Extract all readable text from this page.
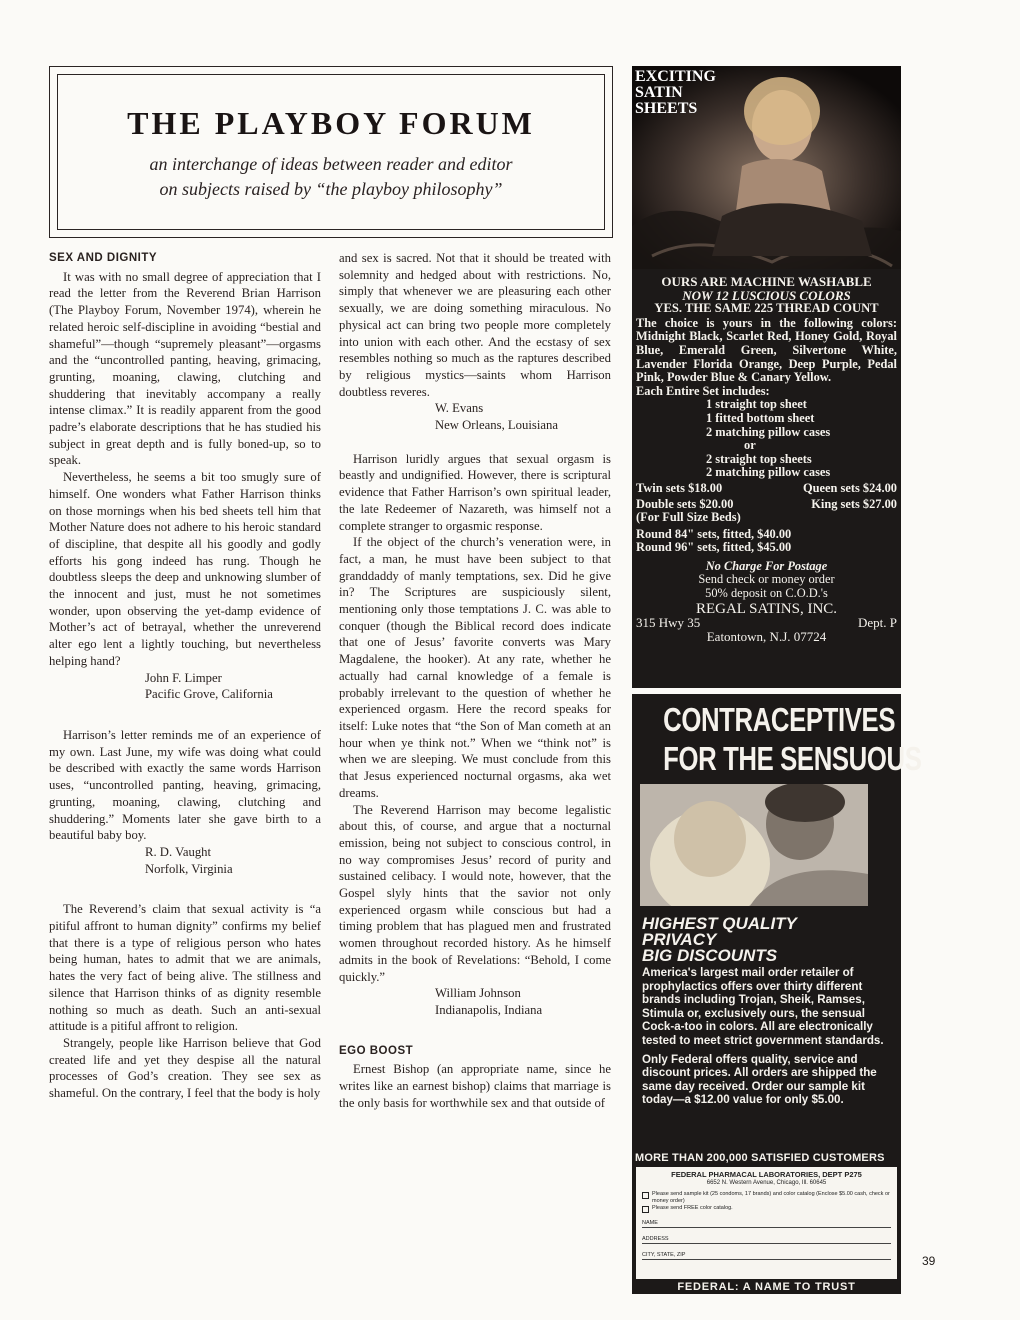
THE PLAYBOY FORUM
an interchange of ideas between reader and editor
on subjects raised by “the playboy philosophy”

SEX AND DIGNITY

It was with no small degree of appreciation that I read the letter from the Reverend Brian Harrison (The Playboy Forum, November 1974), wherein he related heroic self-discipline in avoiding “bestial and shameful”—though “supremely pleasant”—orgasms and the “uncontrolled panting, heaving, grimacing, grunting, moaning, clawing, clutching and shuddering that inevitably accompany a really intense climax.” It is readily apparent from the good padre’s elaborate descriptions that he has studied his subject in great depth and is fully boned-up, so to speak.

Nevertheless, he seems a bit too smugly sure of himself. One wonders what Father Harrison thinks on those mornings when his bed sheets tell him that Mother Nature does not adhere to his heroic standard of discipline, that despite all his goodly and godly efforts his gong indeed has rung. Though he doubtless sleeps the deep and unknowing slumber of the innocent and just, must he not sometimes wonder, upon observing the yet-damp evidence of Mother’s act of betrayal, whether the unreverend alter ego lent a lightly touching, but nevertheless helping hand?

John F. Limper

Pacific Grove, California

Harrison’s letter reminds me of an experience of my own. Last June, my wife was doing what could be described with exactly the same words Harrison uses, “uncontrolled panting, heaving, grimacing, grunting, moaning, clawing, clutching and shuddering.” Moments later she gave birth to a beautiful baby boy.

R. D. Vaught

Norfolk, Virginia

The Reverend’s claim that sexual activity is “a pitiful affront to human dignity” confirms my belief that there is a type of religious person who hates being human, hates to admit that we are animals, hates the very fact of being alive. The stillness and silence that Harrison thinks of as dignity resemble nothing so much as death. Such an anti-sexual attitude is a pitiful affront to religion.

Strangely, people like Harrison believe that God created life and yet they despise all the natural processes of God’s creation. They see sex as shameful. On the contrary, I feel that the body is holy

and sex is sacred. Not that it should be treated with solemnity and hedged about with restrictions. No, simply that whenever we are pleasuring each other sexually, we are doing something miraculous. No physical act can bring two people more completely into union with each other. And the ecstasy of sex resembles nothing so much as the raptures described by religious mystics—saints whom Harrison doubtless reveres.

W. Evans

New Orleans, Louisiana

Harrison luridly argues that sexual orgasm is beastly and undignified. However, there is scriptural evidence that Father Harrison’s own spiritual leader, the late Redeemer of Nazareth, was himself not a complete stranger to orgasmic response.

If the object of the church’s veneration were, in fact, a man, he must have been subject to that granddaddy of manly temptations, sex. Did he give in? The Scriptures are suspiciously silent, mentioning only those temptations J. C. was able to conquer (though the Biblical record does indicate that one of Jesus’ favorite converts was Mary Magdalene, the hooker). At any rate, whether he actually had carnal knowledge of a female is probably irrelevant to the question of whether he experienced orgasm. Here the record speaks for itself: Luke notes that “the Son of Man cometh at an hour when ye think not.” When we “think not” is when we are sleeping. We must conclude from this that Jesus experienced nocturnal orgasms, aka wet dreams.

The Reverend Harrison may become legalistic about this, of course, and argue that a nocturnal emission, being not subject to conscious control, in no way compromises Jesus’ record of purity and sustained celibacy. I would note, however, that the Gospel slyly hints that the savior not only experienced orgasm while conscious but had a timing problem that has plagued men and frustrated women throughout recorded history. As he himself admits in the book of Revelations: “Behold, I come quickly.”

William Johnson

Indianapolis, Indiana

EGO BOOST

Ernest Bishop (an appropriate name, since he writes like an earnest bishop) claims that marriage is the only basis for worthwhile sex and that outside of

EXCITING
SATIN
SHEETS
OURS ARE MACHINE WASHABLE
NOW 12 LUSCIOUS COLORS
YES. THE SAME 225 THREAD COUNT
The choice is yours in the following colors: Midnight Black, Scarlet Red, Honey Gold, Royal Blue, Emerald Green, Silvertone White, Lavender Florida Orange, Deep Purple, Pedal Pink, Powder Blue & Canary Yellow.
Each Entire Set includes:
1 straight top sheet
1 fitted bottom sheet
2 matching pillow cases
or
2 straight top sheets
2 matching pillow cases
Twin sets $18.00	Queen sets $24.00
Double sets $20.00	King sets $27.00
(For Full Size Beds)
Round 84" sets, fitted, $40.00
Round 96" sets, fitted, $45.00
No Charge For Postage
Send check or money order
50% deposit on C.O.D.'s
REGAL SATINS, INC.
315 Hwy 35	Dept. P
Eatontown, N.J. 07724
CONTRACEPTIVES
FOR THE SENSUOUS
HIGHEST QUALITY
PRIVACY
BIG DISCOUNTS
America's largest mail order retailer of prophylactics offers over thirty different brands including Trojan, Sheik, Ramses, Stimula or, exclusively ours, the sensual Cock-a-too in colors. All are electronically tested to meet strict government standards.
Only Federal offers quality, service and discount prices. All orders are shipped the same day received. Order our sample kit today—a $12.00 value for only $5.00.
MORE THAN 200,000 SATISFIED CUSTOMERS
FEDERAL PHARMACAL LABORATORIES, DEPT P275
6652 N. Western Avenue, Chicago, Ill. 60645
Please send sample kit (25 condoms, 17 brands) and color catalog (Enclose $5.00 cash, check or money order)
Please send FREE color catalog.
NAME
ADDRESS
CITY, STATE, ZIP
FEDERAL: A NAME TO TRUST
39
